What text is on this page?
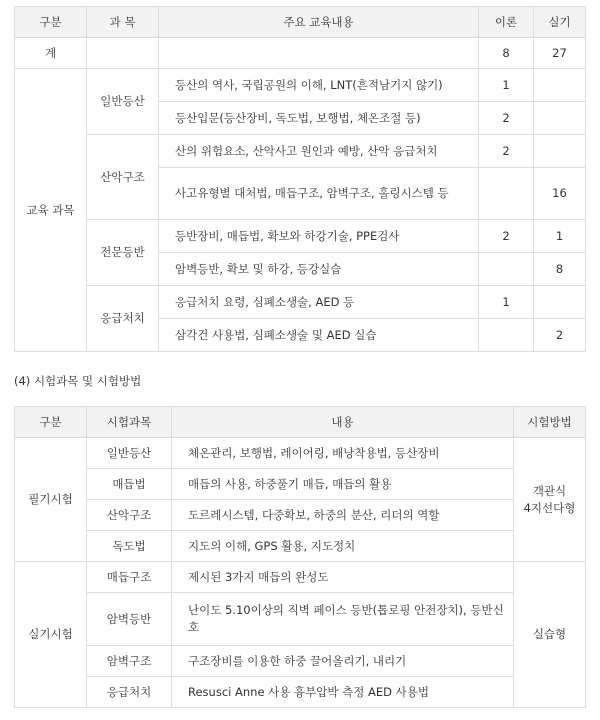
구분	과 목	주요 교육내용	이론	실기
계			8	27
교육 과목	일반등산	등산의 역사, 국립공원의 이해, LNT(흔적남기지 않기)	1	
		등산입문(등산장비, 독도법, 보행법, 체온조절 등)	2	
	산악구조	산의 위험요소, 산악사고 원인과 예방, 산악 응급처치	2	
		사고유형별 대처법, 매듭구조, 암벽구조, 홀링시스템 등		16
	전문등반	등반장비, 매듭법, 확보와 하강기술, PPE검사	2	1
		암벽등반, 확보 및 하강, 등강실습		8
	응급처치	응급처치 요령, 심폐소생술, AED 등	1	
		삼각건 사용법, 심폐소생술 및 AED 실습		2
(4) 시험과목 및 시험방법
구분	시험과목	내용	시험방법
필기시험	일반등산	체온관리, 보행법, 레이어링, 배낭착용법, 등산장비	객관식
4지선다형
	매듭법	매듭의 사용, 하중풀기 매듭, 매듭의 활용	
	산악구조	도르레시스템, 다중확보, 하중의 분산, 리더의 역할	
	독도법	지도의 이해, GPS 활용, 지도정치	
실기시험	매듭구조	제시된 3가지 매듭의 완성도	실습형
	암벽등반	난이도 5.10이상의 직벽 페이스 등반(톱로핑 안전장치), 등반신호	
	암벽구조	구조장비를 이용한 하중 끌어올리기, 내리기	
	응급처치	Resusci Anne 사용 흉부압박 측정 AED 사용법	
